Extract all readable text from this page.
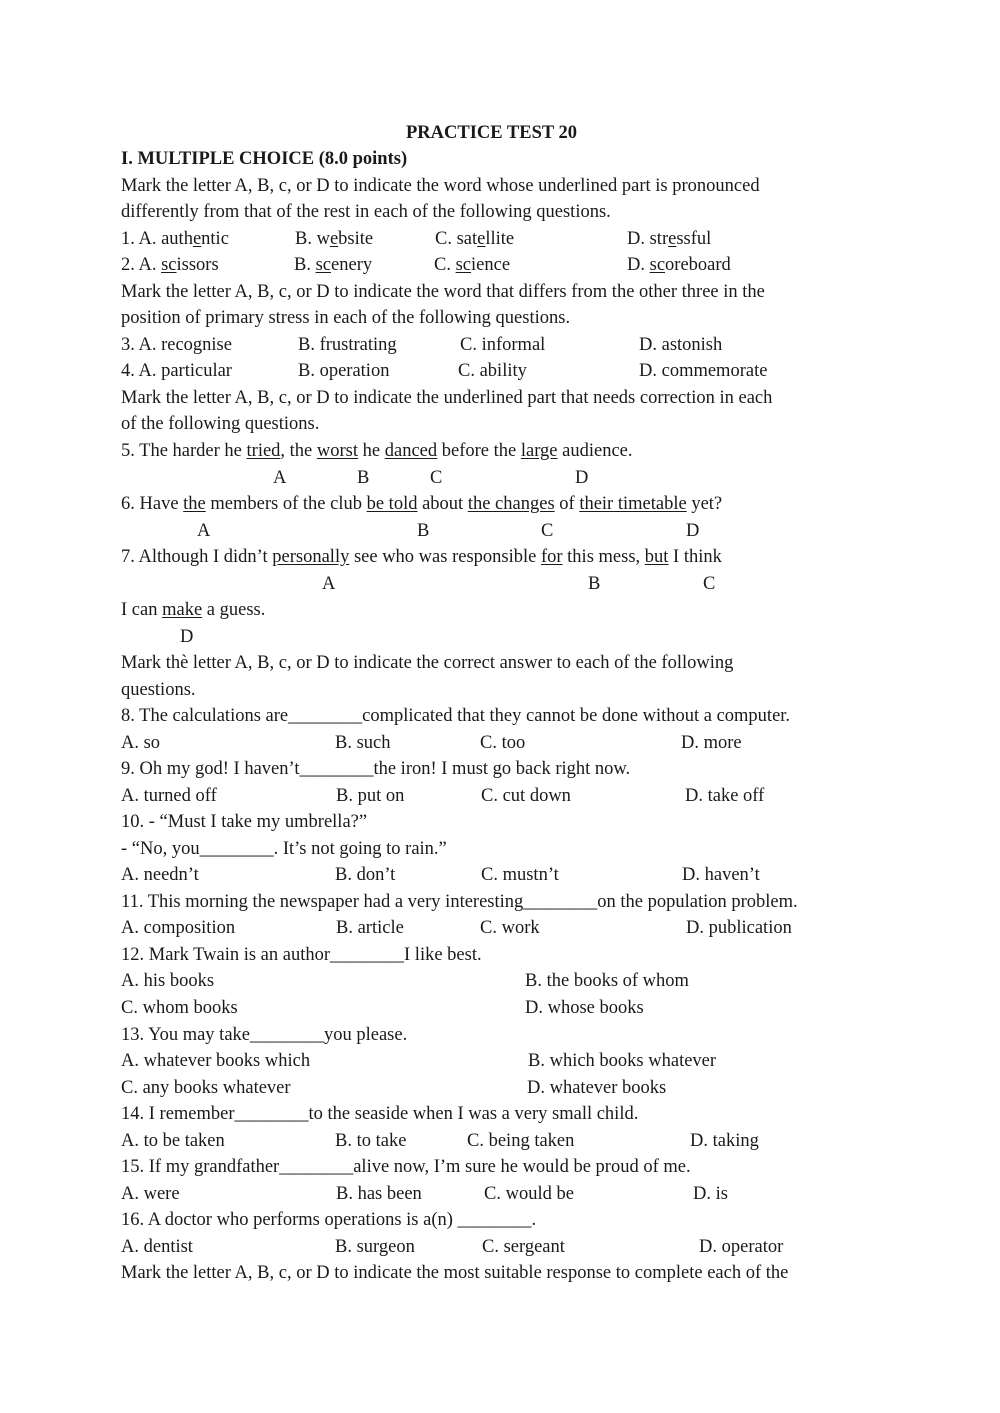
PRACTICE TEST 20
I. MULTIPLE CHOICE (8.0 points)
Mark the letter A, B, c, or D to indicate the word whose underlined part is pronounced
differently from that of the rest in each of the following questions.
1. A. authentic	B. website	C. satellite	D. stressful
2. A. scissors	B. scenery	C. science	D. scoreboard
Mark the letter A, B, c, or D to indicate the word that differs from the other three in the
position of primary stress in each of the following questions.
3. A. recognise	B. frustrating	C. informal	D. astonish
4. A. particular	B. operation	C. ability	D. commemorate
Mark the letter A, B, c, or D to indicate the underlined part that needs correction in each
of the following questions.
5. The harder he tried, the worst he danced before the large audience.
A	B	C	D
6. Have the members of the club be told about the changes of their timetable yet?
A	B	C	D
7. Although I didn’t personally see who was responsible for this mess, but I think
A	B	C
I can make a guess.
D
Mark thè letter A, B, c, or D to indicate the correct answer to each of the following
questions.
8. The calculations are________complicated that they cannot be done without a computer.
A. so	B. such	C. too	D. more
9. Oh my god! I haven’t________the iron! I must go back right now.
A. turned off	B. put on	C. cut down	D. take off
10. - “Must I take my umbrella?”
- “No, you________. It’s not going to rain.”
A. needn’t	B. don’t	C. mustn’t	D. haven’t
11. This morning the newspaper had a very interesting________on the population problem.
A. composition	B. article	C. work	D. publication
12. Mark Twain is an author________I like best.
A. his books	B. the books of whom
C. whom books	D. whose books
13. You may take________you please.
A. whatever books which	B. which books whatever
C. any books whatever	D. whatever books
14. I remember________to the seaside when I was a very small child.
A. to be taken	B. to take	C. being taken	D. taking
15. If my grandfather________alive now, I’m sure he would be proud of me.
A. were	B. has been	C. would be	D. is
16. A doctor who performs operations is a(n) ________.
A. dentist	B. surgeon	C. sergeant	D. operator
Mark the letter A, B, c, or D to indicate the most suitable response to complete each of the
